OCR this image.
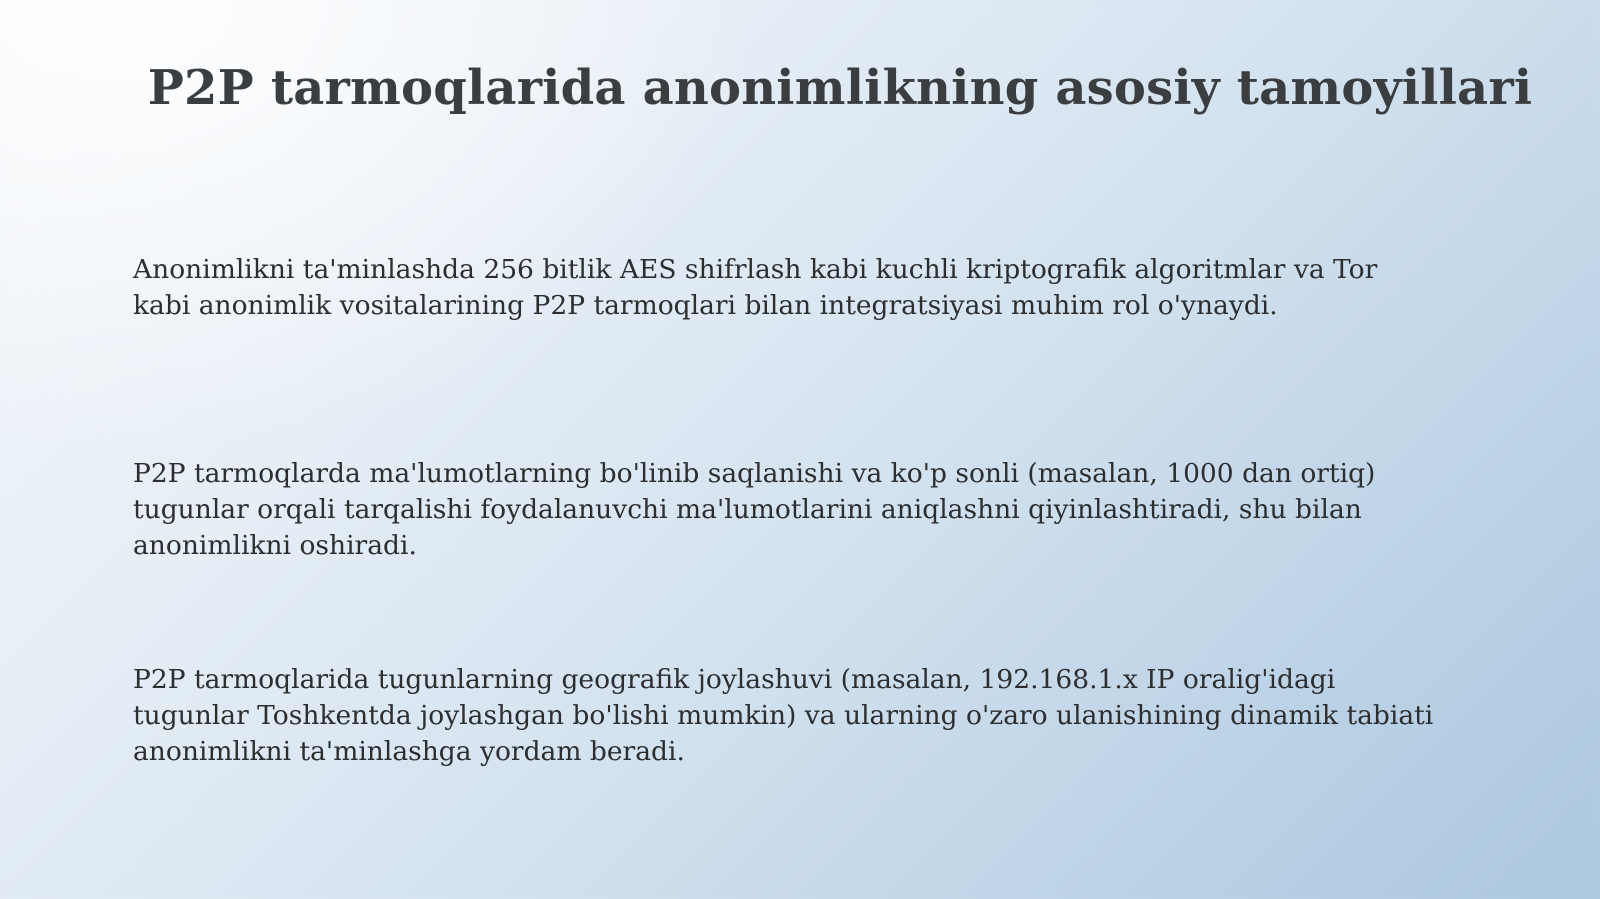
P2P tarmoqlarida anonimlikning asosiy tamoyillari

Anonimlikni ta'minlashda 256 bitlik AES shifrlash kabi kuchli kriptografik algoritmlar va Tor
kabi anonimlik vositalarining P2P tarmoqlari bilan integratsiyasi muhim rol o'ynaydi.

P2P tarmoqlarda ma'lumotlarning bo'linib saqlanishi va ko'p sonli (masalan, 1000 dan ortiq)
tugunlar orqali tarqalishi foydalanuvchi ma'lumotlarini aniqlashni qiyinlashtiradi, shu bilan
anonimlikni oshiradi.

P2P tarmoqlarida tugunlarning geografik joylashuvi (masalan, 192.168.1.x IP oralig'idagi
tugunlar Toshkentda joylashgan bo'lishi mumkin) va ularning o'zaro ulanishining dinamik tabiati
anonimlikni ta'minlashga yordam beradi.
